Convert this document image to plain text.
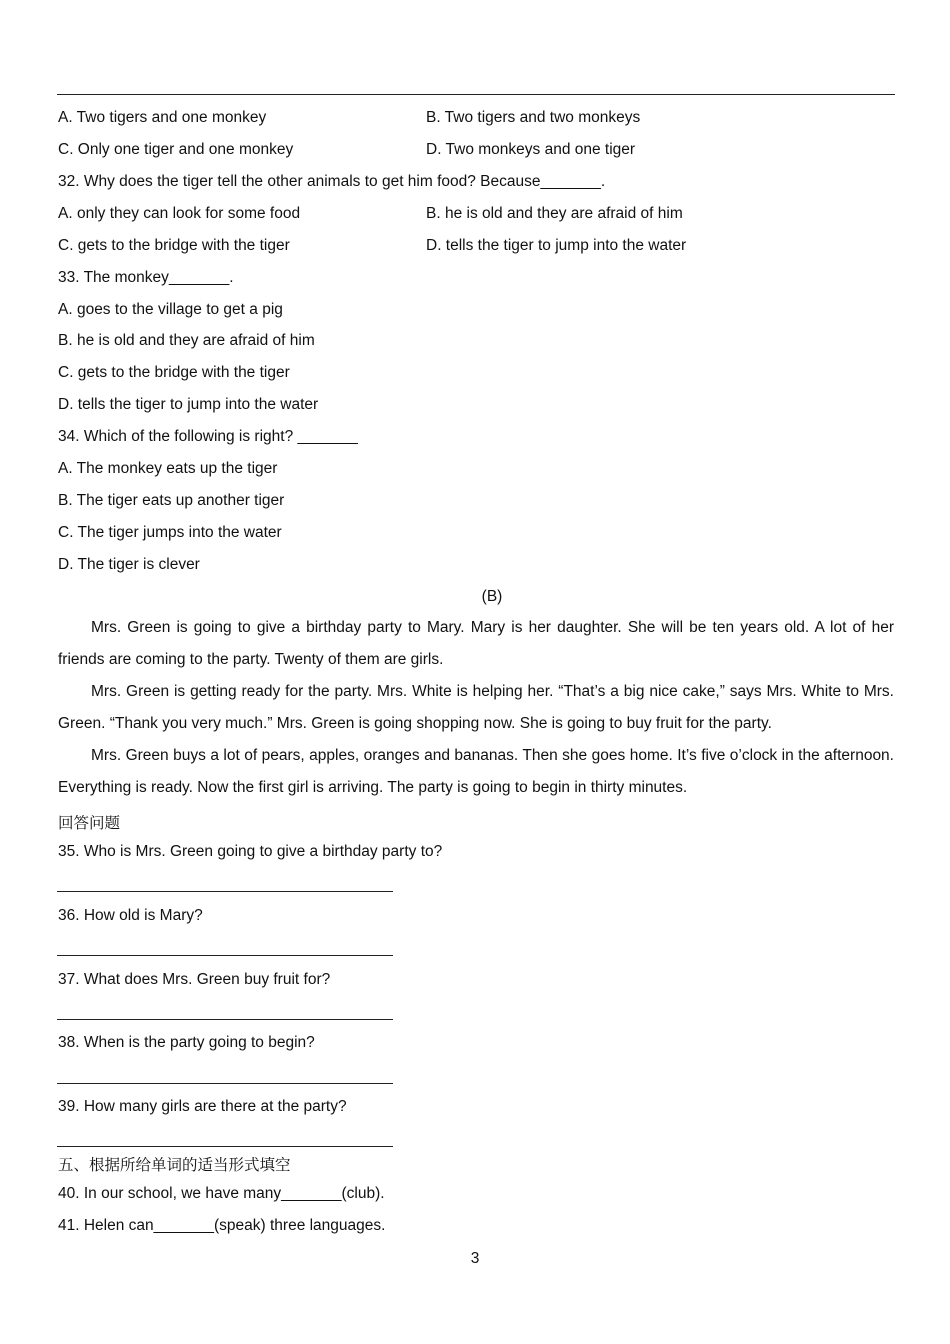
A. Two tigers and one monkey	B. Two tigers and two monkeys
C. Only one tiger and one monkey	D. Two monkeys and one tiger
32. Why does the tiger tell the other animals to get him food? Because_______.
A. only they can look for some food	B. he is old and they are afraid of him
C. gets to the bridge with the tiger	D. tells the tiger to jump into the water
33. The monkey_______.
A. goes to the village to get a pig
B. he is old and they are afraid of him
C. gets to the bridge with the tiger
D. tells the tiger to jump into the water
34. Which of the following is right? _______
A. The monkey eats up the tiger
B. The tiger eats up another tiger
C. The tiger jumps into the water
D. The tiger is clever
(B)
Mrs. Green is going to give a birthday party to Mary. Mary is her daughter. She will be ten years old. A lot of her friends are coming to the party. Twenty of them are girls.
Mrs. Green is getting ready for the party. Mrs. White is helping her. “That’s a big nice cake,” says Mrs. White to Mrs. Green. “Thank you very much.” Mrs. Green is going shopping now. She is going to buy fruit for the party.
Mrs. Green buys a lot of pears, apples, oranges and bananas. Then she goes home. It’s five o’clock in the afternoon. Everything is ready. Now the first girl is arriving. The party is going to begin in thirty minutes.
回答问题
35. Who is Mrs. Green going to give a birthday party to?
36. How old is Mary?
37. What does Mrs. Green buy fruit for?
38. When is the party going to begin?
39. How many girls are there at the party?
五、根据所给单词的适当形式填空
40. In our school, we have many_______(club).
41. Helen can_______(speak) three languages.
3
